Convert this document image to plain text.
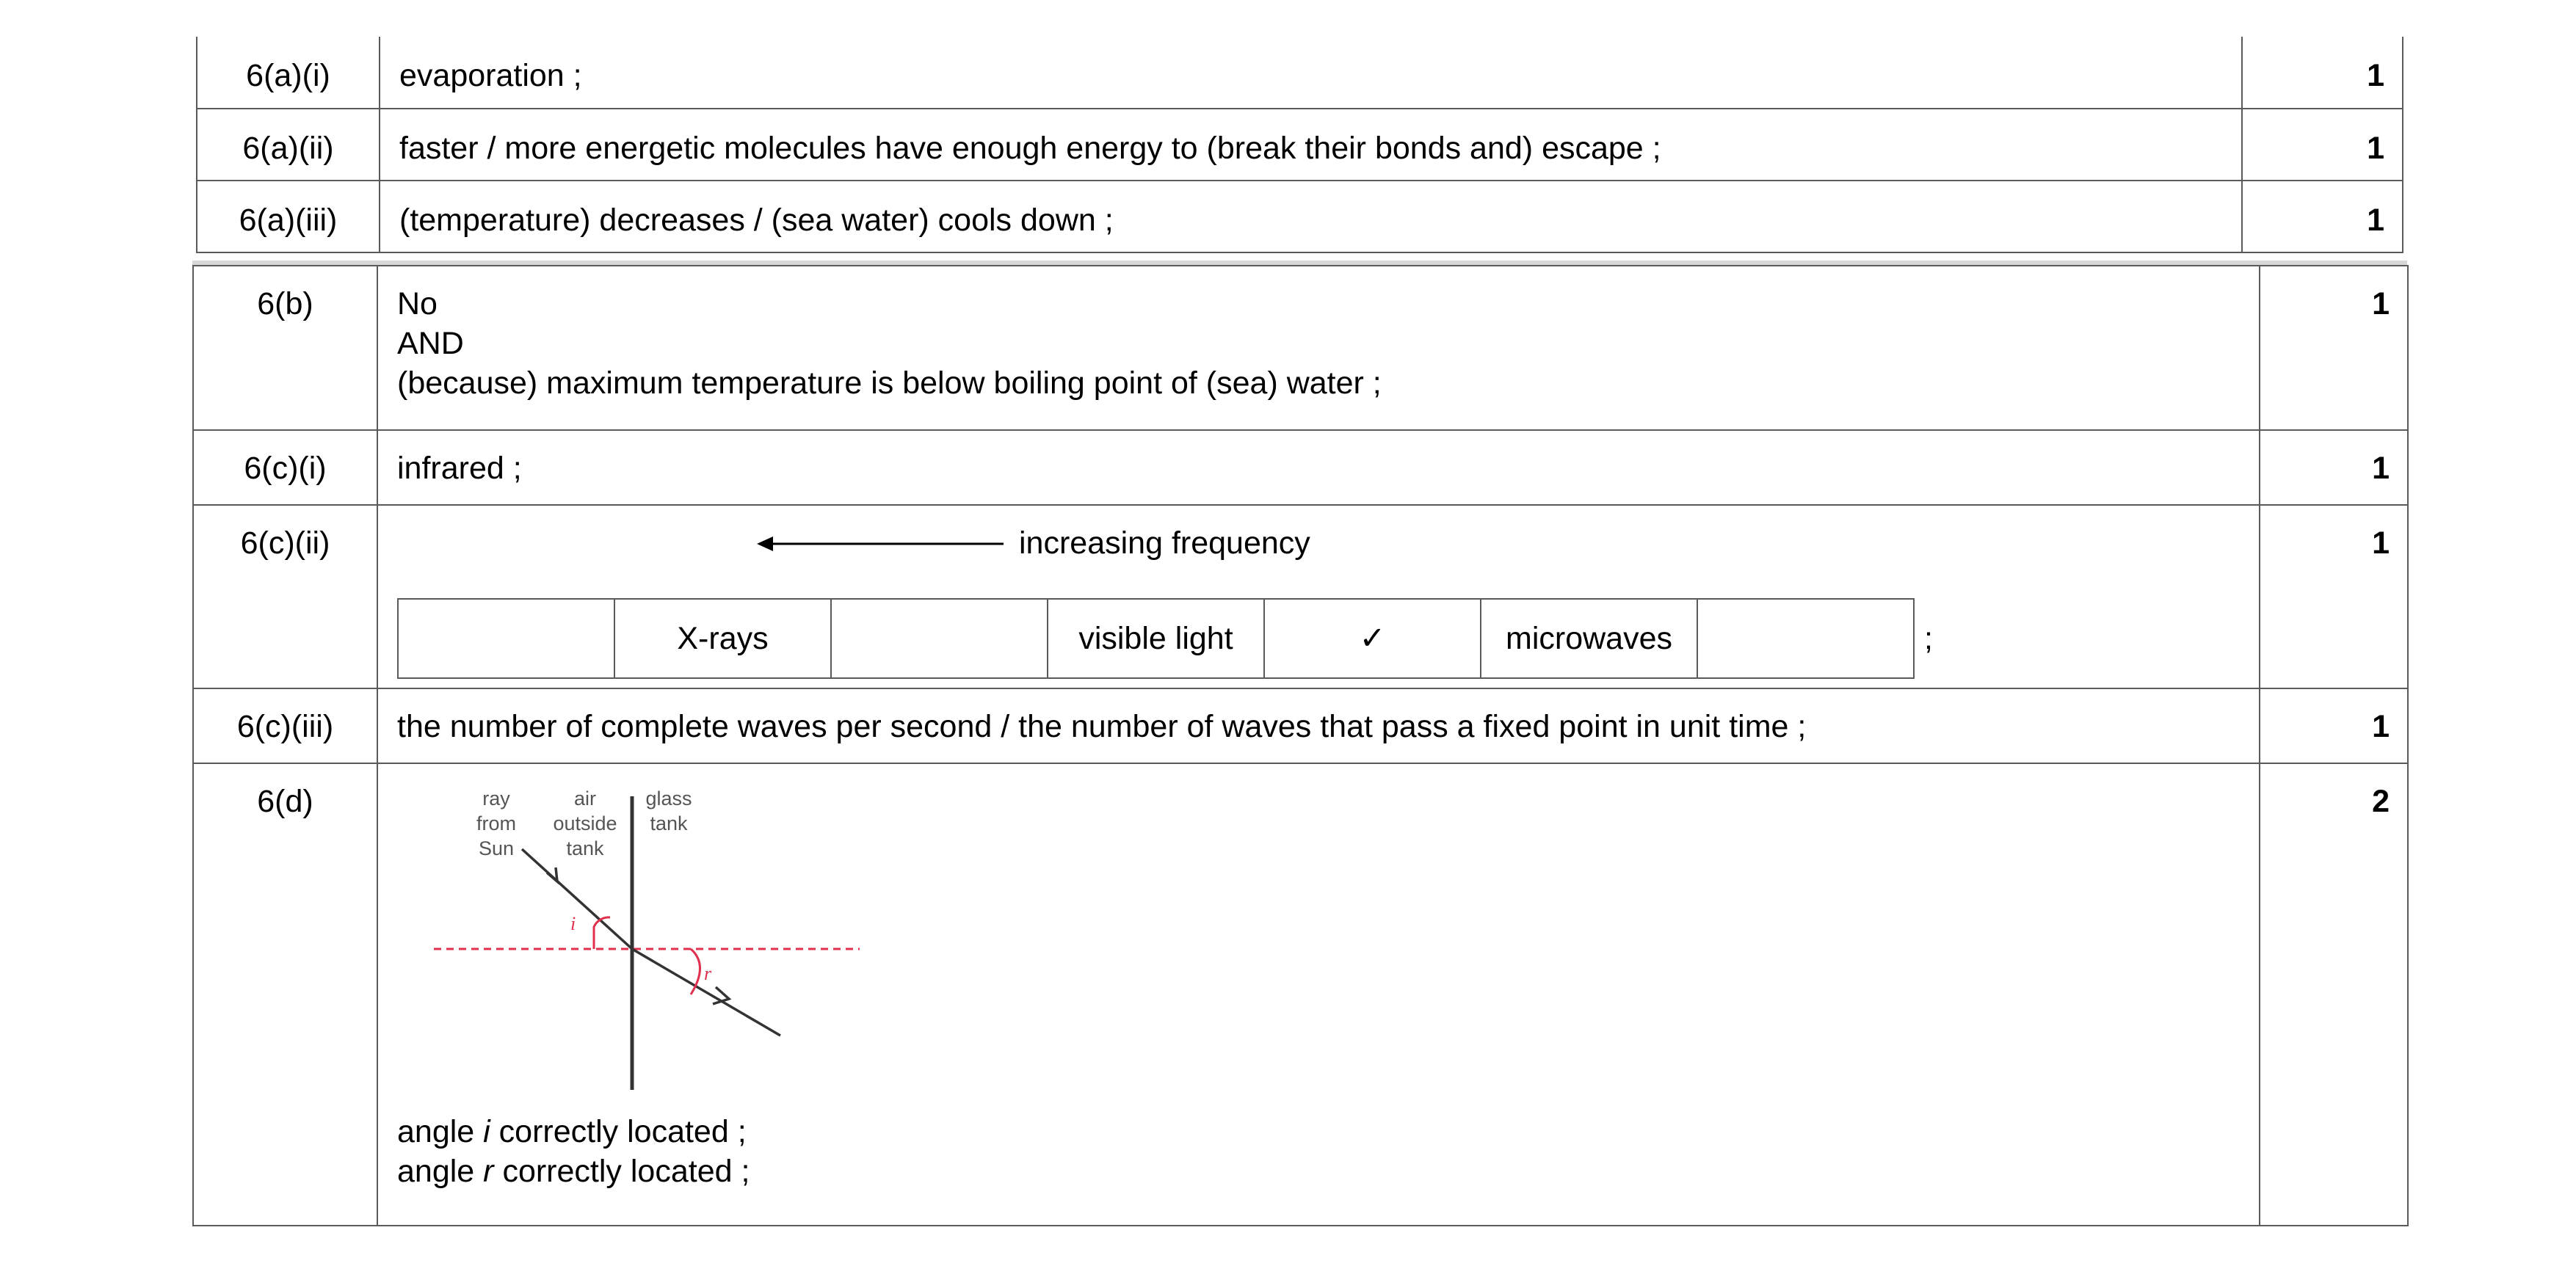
6(a)(i)	evaporation ;	1
6(a)(ii)	faster / more energetic molecules have enough energy to (break their bonds and) escape ;	1
6(a)(iii)	(temperature) decreases / (sea water) cools down ;	1
6(b)	No
AND
(because) maximum temperature is below boiling point of (sea) water ;
	1
6(c)(i)	infrared ;	1
6(c)(ii)	increasing frequency
	X-rays		visible light	✓	microwaves		;
	1
6(c)(iii)	the number of complete waves per second / the number of waves that pass a fixed point in unit time ;	1
6(d)	ray
from
Sun
air
outside
tank
glass
tank
i
r
angle i correctly located ;
angle r correctly located ;
	2
